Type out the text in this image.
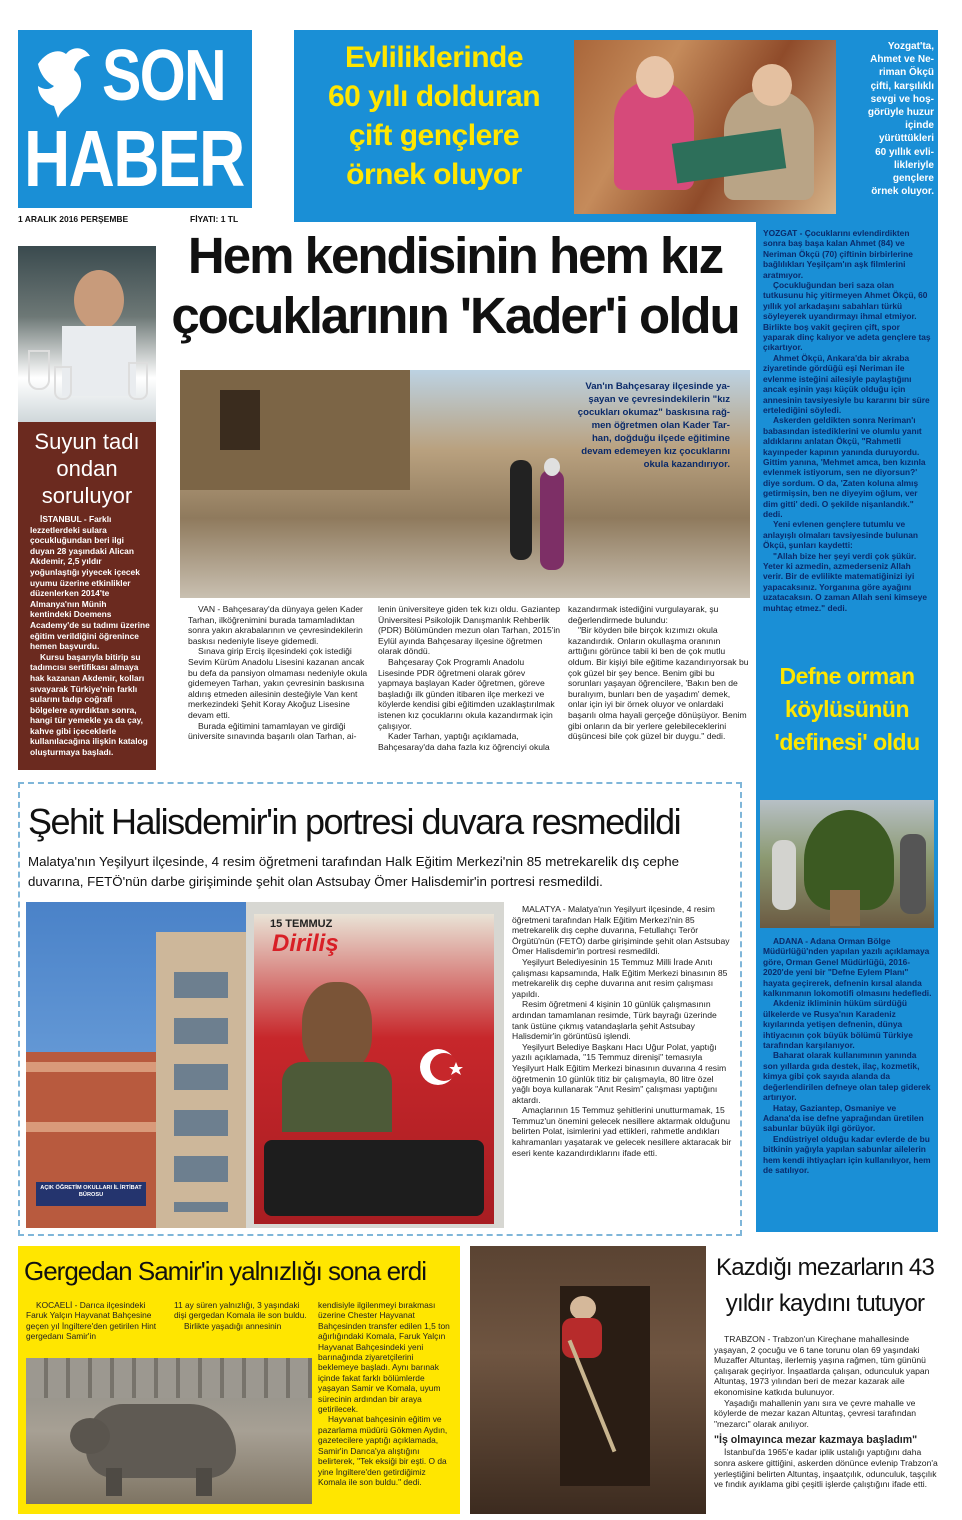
SON
HABER
1 ARALIK 2016 PERŞEMBE	FİYATI: 1 TL
Evliliklerinde
60 yılı dolduran
çift gençlere
örnek oluyor
Yozgat'ta,
Ahmet ve Ne-
riman Ökçü
çifti, karşılıklı
sevgi ve hoş-
görüyle huzur
içinde
yürüttükleri
60 yıllık evli-
likleriyle
gençlere
örnek oluyor.

YOZGAT - Çocuklarını evlendirdikten sonra baş başa kalan Ahmet (84) ve Neriman Ökçü (70) çiftinin birbirlerine bağlılıkları Yeşilçam'ın aşk filmlerini aratmıyor.

Çocukluğundan beri saza olan tutkusunu hiç yitirmeyen Ahmet Ökçü, 60 yıllık yol arkadaşını sabahları türkü söyleyerek uyandırmayı ihmal etmiyor. Birlikte boş vakit geçiren çift, spor yaparak dinç kalıyor ve adeta gençlere taş çıkartıyor.

Ahmet Ökçü, Ankara'da bir akraba ziyaretinde gördüğü eşi Neriman ile evlenme isteğini ailesiyle paylaştığını ancak eşinin yaşı küçük olduğu için annesinin tavsiyesiyle bu kararını bir süre ertelediğini söyledi.

Askerden geldikten sonra Neriman'ı babasından istediklerini ve olumlu yanıt aldıklarını anlatan Ökçü, "Rahmetli kayınpeder kapının yanında duruyordu. Gittim yanına, 'Mehmet amca, ben kızınla evlenmek istiyorum, sen ne diyorsun?' diye sordum. O da, 'Zaten koluna almış getirmişsin, ben ne diyeyim oğlum, ver dim gitti' dedi. O şekilde nişanlandık." dedi.

Yeni evlenen gençlere tutumlu ve anlayışlı olmaları tavsiyesinde bulunan Ökçü, şunları kaydetti:

"Allah bize her şeyi verdi çok şükür. Yeter ki azmedin, azmederseniz Allah verir. Bir de evlilikte matematiğinizi iyi yapacaksınız. Yorganına göre ayağını uzatacaksın. O zaman Allah seni kimseye muhtaç etmez." dedi.

Defne orman
köylüsünün
'definesi' oldu

ADANA - Adana Orman Bölge Müdürlüğü'nden yapılan yazılı açıklamaya göre, Orman Genel Müdürlüğü, 2016-2020'de yeni bir "Defne Eylem Planı" hayata geçirerek, defnenin kırsal alanda kalkınmanın lokomotifi olmasını hedefledi.

Akdeniz ikliminin hüküm sürdüğü ülkelerde ve Rusya'nın Karadeniz kıyılarında yetişen defnenin, dünya ihtiyacının çok büyük bölümü Türkiye tarafından karşılanıyor.

Baharat olarak kullanımının yanında son yıllarda gıda destek, ilaç, kozmetik, kimya gibi çok sayıda alanda da değerlendirilen defneye olan talep giderek artırıyor.

Hatay, Gaziantep, Osmaniye ve Adana'da ise defne yaprağından üretilen sabunlar büyük ilgi görüyor.

Endüstriyel olduğu kadar evlerde de bu bitkinin yağıyla yapılan sabunlar ailelerin hem kendi ihtiyaçları için kullanılıyor, hem de satılıyor.

Hem kendisinin hem kız
çocuklarının 'Kader'i oldu
Suyun tadı
ondan
soruluyor

İSTANBUL - Farklı lezzetlerdeki sulara çocukluğundan beri ilgi duyan 28 yaşındaki Alican Akdemir, 2,5 yıldır yoğunlaştığı yiyecek içecek uyumu üzerine etkinlikler düzenlerken 2014'te Almanya'nın Münih kentindeki Doemens Academy'de su tadımı üzerine eğitim verildiğini öğrenince hemen başvurdu.

Kursu başarıyla bitirip su tadımcısı sertifikası almaya hak kazanan Akdemir, kolları sıvayarak Türkiye'nin farklı sularını tadıp coğrafi bölgelere ayırdıktan sonra, hangi tür yemekle ya da çay, kahve gibi içeceklerle kullanılacağına ilişkin katalog oluşturmaya başladı.

Van'ın Bahçesaray ilçesinde ya-
şayan ve çevresindekilerin "kız
çocukları okumaz" baskısına rağ-
men öğretmen olan Kader Tar-
han, doğduğu ilçede eğitimine
devam edemeyen kız çocuklarını
okula kazandırıyor.

VAN - Bahçesaray'da dünyaya gelen Kader Tarhan, ilköğrenimini burada tamamladıktan sonra yakın akrabalarının ve çevresindekilerin baskısı nedeniyle liseye gidemedi.

Sınava girip Erciş ilçesindeki çok istediği Sevim Kürüm Anadolu Lisesini kazanan ancak bu defa da pansiyon olmaması nedeniyle okula gidemeyen Tarhan, yakın çevresinin baskısına aldırış etmeden ailesinin desteğiyle Van kent merkezindeki Şehit Koray Akoğuz Lisesine devam etti.

Burada eğitimini tamamlayan ve girdiği üniversite sınavında başarılı olan Tarhan, ai-

lenin üniversiteye giden tek kızı oldu. Gaziantep Üniversitesi Psikolojik Danışmanlık Rehberlik (PDR) Bölümünden mezun olan Tarhan, 2015'in Eylül ayında Bahçesaray ilçesine öğretmen olarak döndü.

Bahçesaray Çok Programlı Anadolu Lisesinde PDR öğretmeni olarak görev yapmaya başlayan Kader öğretmen, göreve başladığı ilk günden itibaren ilçe merkezi ve köylerde kendisi gibi eğitimden uzaklaştırılmak istenen kız çocuklarını okula kazandırmak için çalışıyor.

Kader Tarhan, yaptığı açıklamada, Bahçesaray'da daha fazla kız öğrenciyi okula

kazandırmak istediğini vurgulayarak, şu değerlendirmede bulundu:

"Bir köyden bile birçok kızımızı okula kazandırdık. Onların okullaşma oranının arttığını görünce tabii ki ben de çok mutlu oldum. Bir kişiyi bile eğitime kazandırıyorsak bu çok güzel bir şey bence. Benim gibi bu sorunları yaşayan öğrencilere, 'Bakın ben de buralıyım, bunları ben de yaşadım' demek, onlar için iyi bir örnek oluyor ve onlardaki başarılı olma hayali gerçeğe dönüşüyor. Benim gibi onların da bir yerlere gelebileceklerini düşüncesi bile çok güzel bir duygu." dedi.

Şehit Halisdemir'in portresi duvara resmedildi
Malatya'nın Yeşilyurt ilçesinde, 4 resim öğretmeni tarafından Halk Eğitim Merkezi'nin 85 metrekarelik dış cephe duvarına, FETÖ'nün darbe girişiminde şehit olan Astsubay Ömer Halisdemir'in portresi resmedildi.
AÇIK ÖĞRETİM OKULLARI İL İRTİBAT BÜROSU
15 TEMMUZ
Diriliş

MALATYA - Malatya'nın Yeşilyurt ilçesinde, 4 resim öğretmeni tarafından Halk Eğitim Merkezi'nin 85 metrekarelik dış cephe duvarına, Fetullahçı Terör Örgütü'nün (FETÖ) darbe girişiminde şehit olan Astsubay Ömer Halisdemir'in portresi resmedildi.

Yeşilyurt Belediyesinin 15 Temmuz Milli İrade Anıtı çalışması kapsamında, Halk Eğitim Merkezi binasının 85 metrekarelik dış cephe duvarına anıt resim çalışması yapıldı.

Resim öğretmeni 4 kişinin 10 günlük çalışmasının ardından tamamlanan resimde, Türk bayrağı üzerinde tank üstüne çıkmış vatandaşlarla şehit Astsubay Halisdemir'in görüntüsü işlendi.

Yeşilyurt Belediye Başkanı Hacı Uğur Polat, yaptığı yazılı açıklamada, "15 Temmuz direnişi" temasıyla Yeşilyurt Halk Eğitim Merkezi binasının duvarına 4 resim öğretmenin 10 günlük titiz bir çalışmayla, 80 litre özel yağlı boya kullanarak "Anıt Resim" çalışması yaptığını aktardı.

Amaçlarının 15 Temmuz şehitlerini unutturmamak, 15 Temmuz'un önemini gelecek nesillere aktarmak olduğunu belirten Polat, isimlerini yad ettikleri, rahmetle andıkları kahramanları yaşatarak ve gelecek nesillere aktaracak bir eseri kente kazandırdıklarını ifade etti.

Gergedan Samir'in yalnızlığı sona erdi

KOCAELİ - Darıca ilçesindeki Faruk Yalçın Hayvanat Bahçesine geçen yıl İngiltere'den getirilen Hint gergedanı Samir'in

11 ay süren yalnızlığı, 3 yaşındaki dişi gergedan Komala ile son buldu.

Birlikte yaşadığı annesinin

kendisiyle ilgilenmeyi bırakması üzerine Chester Hayvanat Bahçesinden transfer edilen 1,5 ton ağırlığındaki Komala, Faruk Yalçın Hayvanat Bahçesindeki yeni barınağında ziyaretçilerini beklemeye başladı. Aynı barınak içinde fakat farklı bölümlerde yaşayan Samir ve Komala, uyum sürecinin ardından bir araya getirilecek.

Hayvanat bahçesinin eğitim ve pazarlama müdürü Gökmen Aydın, gazetecilere yaptığı açıklamada, Samir'in Darıca'ya alıştığını belirterek, "Tek eksiği bir eşti. O da yine İngiltere'den getirdiğimiz Komala ile son buldu." dedi.

Kazdığı mezarların 43
yıldır kaydını tutuyor

TRABZON - Trabzon'un Kireçhane mahallesinde yaşayan, 2 çocuğu ve 6 tane torunu olan 69 yaşındaki Muzaffer Altuntaş, ilerlemiş yaşına rağmen, tüm gününü çalışarak geçiriyor. İnşaatlarda çalışan, odunculuk yapan Altuntaş, 1973 yılından beri de mezar kazarak aile ekonomisine katkıda bulunuyor.

Yaşadığı mahallenin yanı sıra ve çevre mahalle ve köylerde de mezar kazan Altuntaş, çevresi tarafından "mezarcı" olarak anılıyor.

"İş olmayınca mezar kazmaya başladım"

İstanbul'da 1965'e kadar iplik ustalığı yaptığını daha sonra askere gittiğini, askerden dönünce evlenip Trabzon'a yerleştiğini belirten Altuntaş, inşaatçılık, odunculuk, taşçılık ve fındık ayıklama gibi çeşitli işlerde çalıştığını ifade etti.
